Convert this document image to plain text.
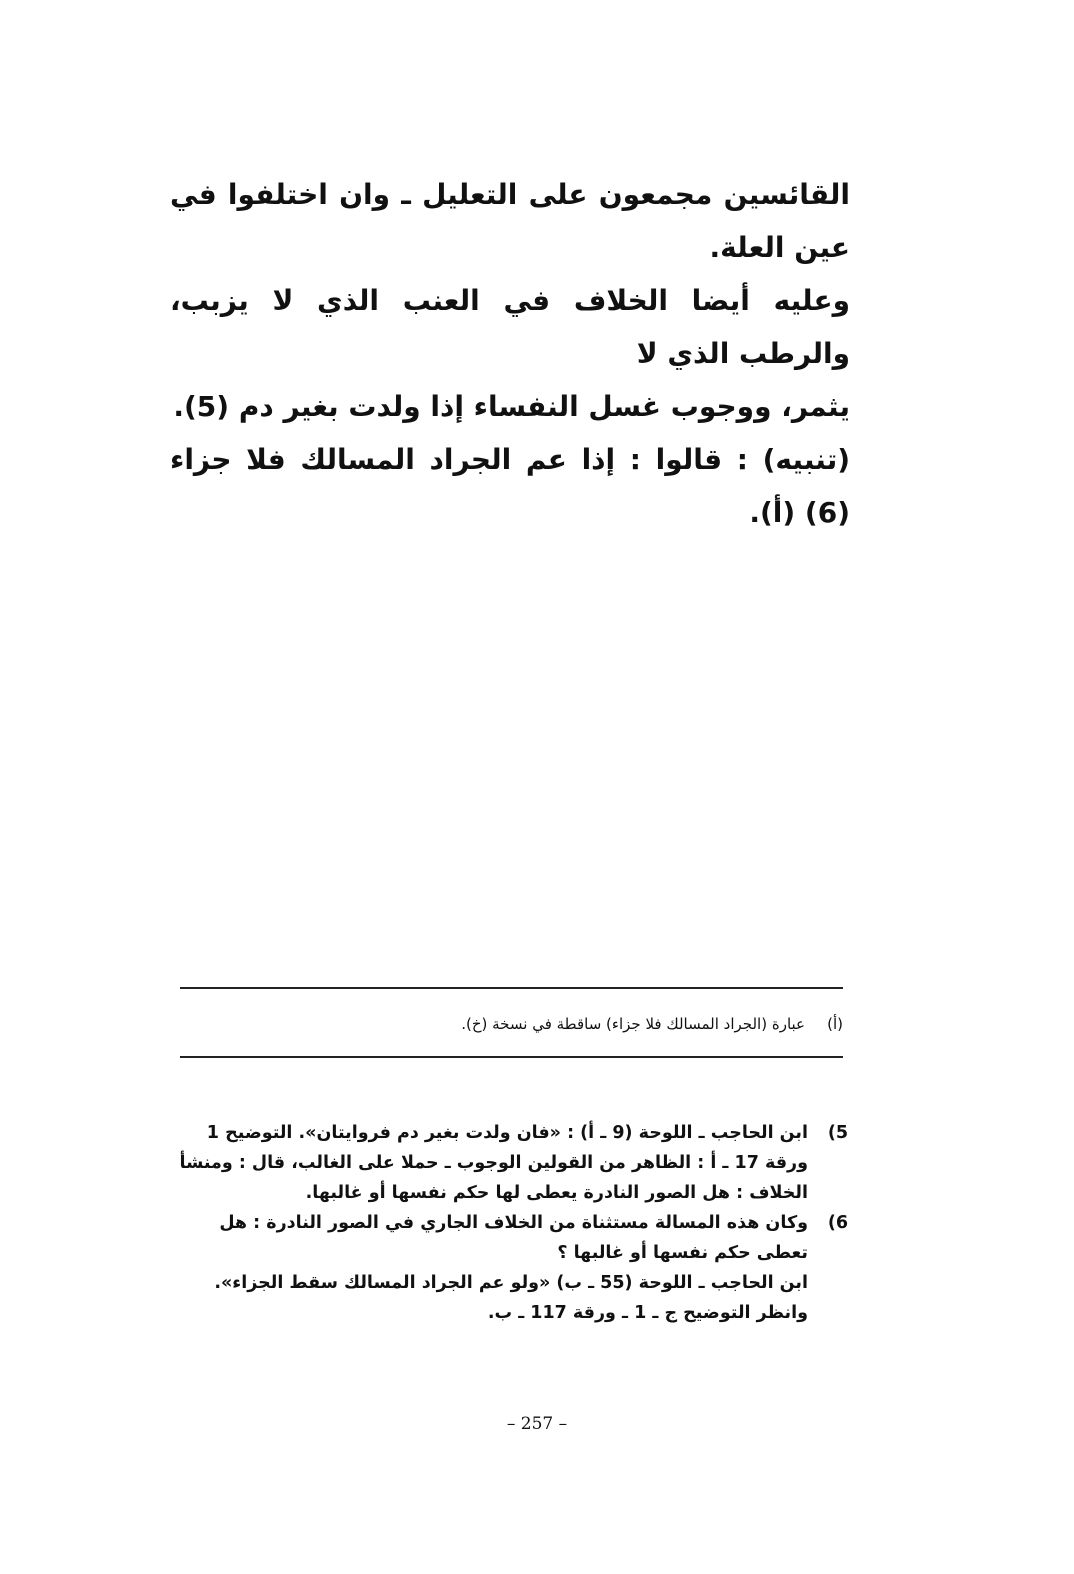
القائسين مجمعون على التعليل ـ وان اختلفوا في عين العلة.

وعليه أيضا الخلاف في العنب الذي لا يزبب، والرطب الذي لا

يثمر، ووجوب غسل النفساء إذا ولدت بغير دم (5).

(تنبيه) : قالوا : إذا عم الجراد المسالك فلا جزاء (6) (أ).

(أ)عبارة (الجراد المسالك فلا جزاء) ساقطة في نسخة (خ).
5)

ابن الحاجب ـ اللوحة (9 ـ أ) : «فان ولدت بغير دم فروايتان». التوضيح 1

ورقة 17 ـ أ : الظاهر من القولين الوجوب ـ حملا على الغالب، قال : ومنشأ

الخلاف : هل الصور النادرة يعطى لها حكم نفسها أو غالبها.

6)

وكان هذه المسالة مستثناة من الخلاف الجاري في الصور النادرة : هل

تعطى حكم نفسها أو غالبها ؟

ابن الحاجب ـ اللوحة (55 ـ ب) «ولو عم الجراد المسالك سقط الجزاء».

وانظر التوضيح ج ـ 1 ـ ورقة 117 ـ ب.

– 257 –
